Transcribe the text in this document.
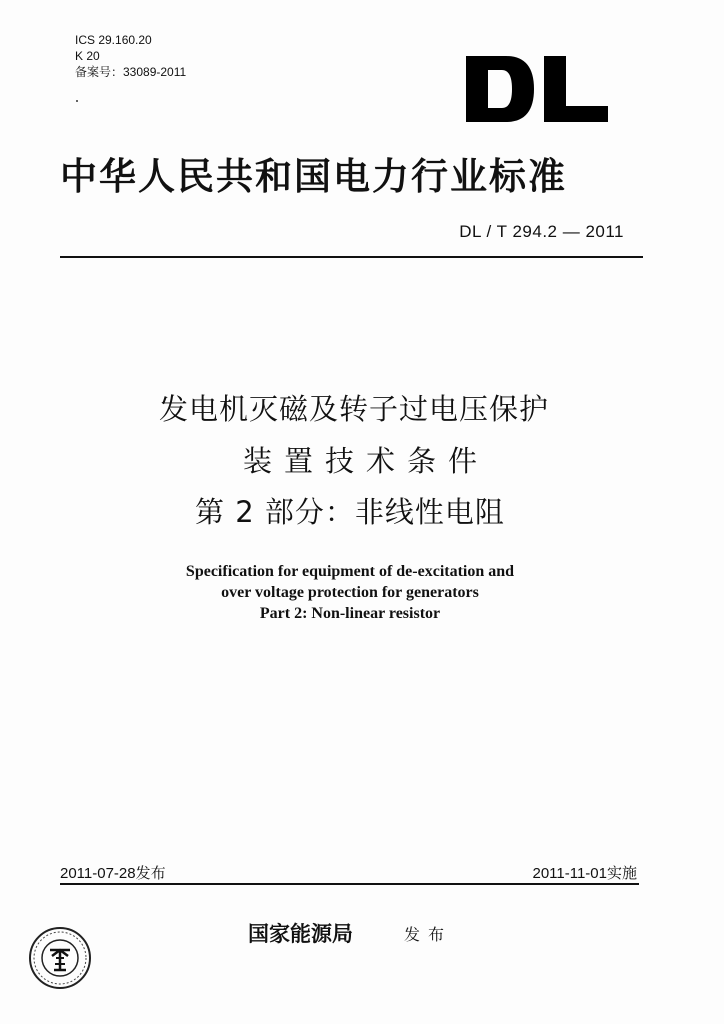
ICS 29.160.20
K 20
备案号：33089-2011
中华人民共和国电力行业标准
DL / T 294.2 — 2011
发电机灭磁及转子过电压保护
装置技术条件
第 2 部分：非线性电阻
Specification for equipment of de-excitation and
over voltage protection for generators
Part 2: Non-linear resistor
2011-07-28发布	2011-11-01实施
国家能源局	发布
